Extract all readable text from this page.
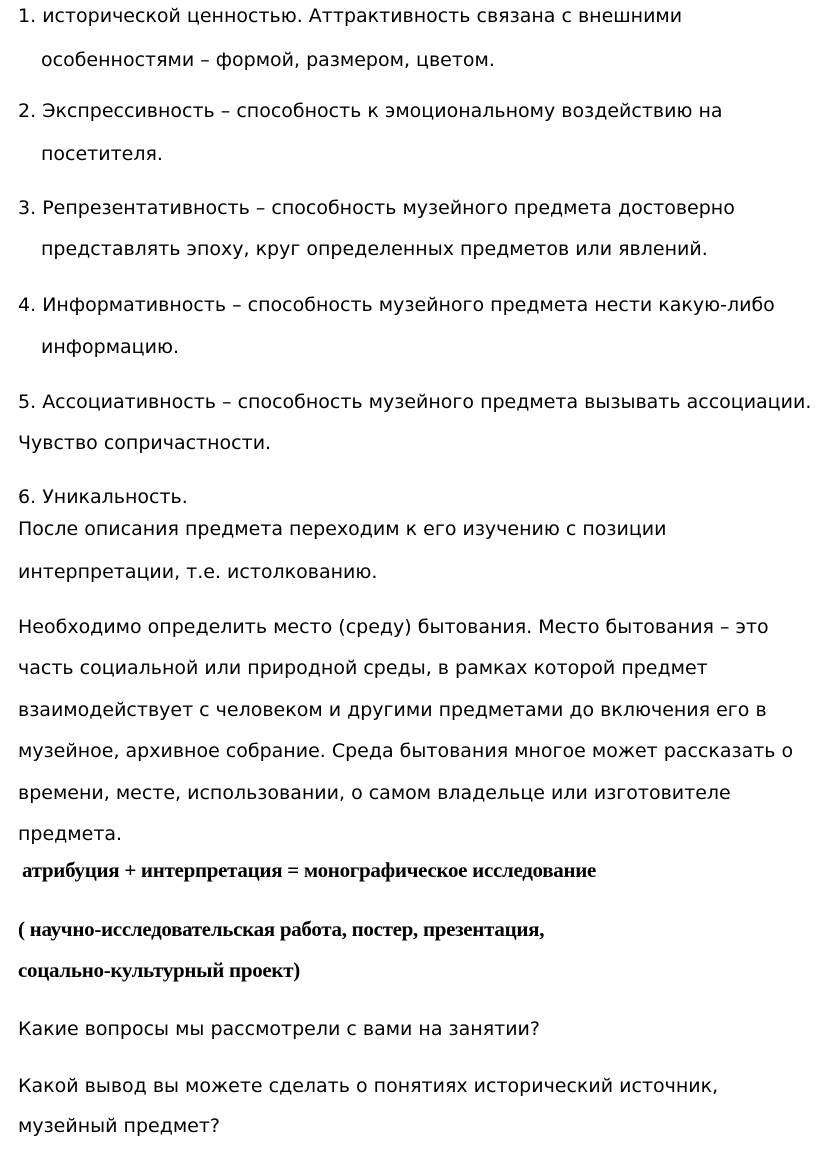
1. исторической ценностью. Аттрактивность связана с внешними
особенностями – формой, размером, цветом.
2. Экспрессивность – способность к эмоциональному воздействию на
посетителя.
3. Репрезентативность – способность музейного предмета достоверно
представлять эпоху, круг определенных предметов или явлений.
4. Информативность – способность музейного предмета нести какую-либо
информацию.
5. Ассоциативность – способность музейного предмета вызывать ассоциации.
Чувство сопричастности.
6. Уникальность.
После описания предмета переходим к его изучению с позиции
интерпретации, т.е. истолкованию.
Необходимо определить место (среду) бытования. Место бытования – это
часть социальной или природной среды, в рамках которой предмет
взаимодействует с человеком и другими предметами до включения его в
музейное, архивное собрание. Среда бытования многое может рассказать о
времени, месте, использовании, о самом владельце или изготовителе
предмета.
атрибуция + интерпретация = монографическое исследование
( научно-исследовательская работа, постер, презентация,
соцально-культурный проект)
Какие вопросы мы рассмотрели с вами на занятии?
Какой вывод вы можете сделать о понятиях исторический источник,
музейный предмет?
